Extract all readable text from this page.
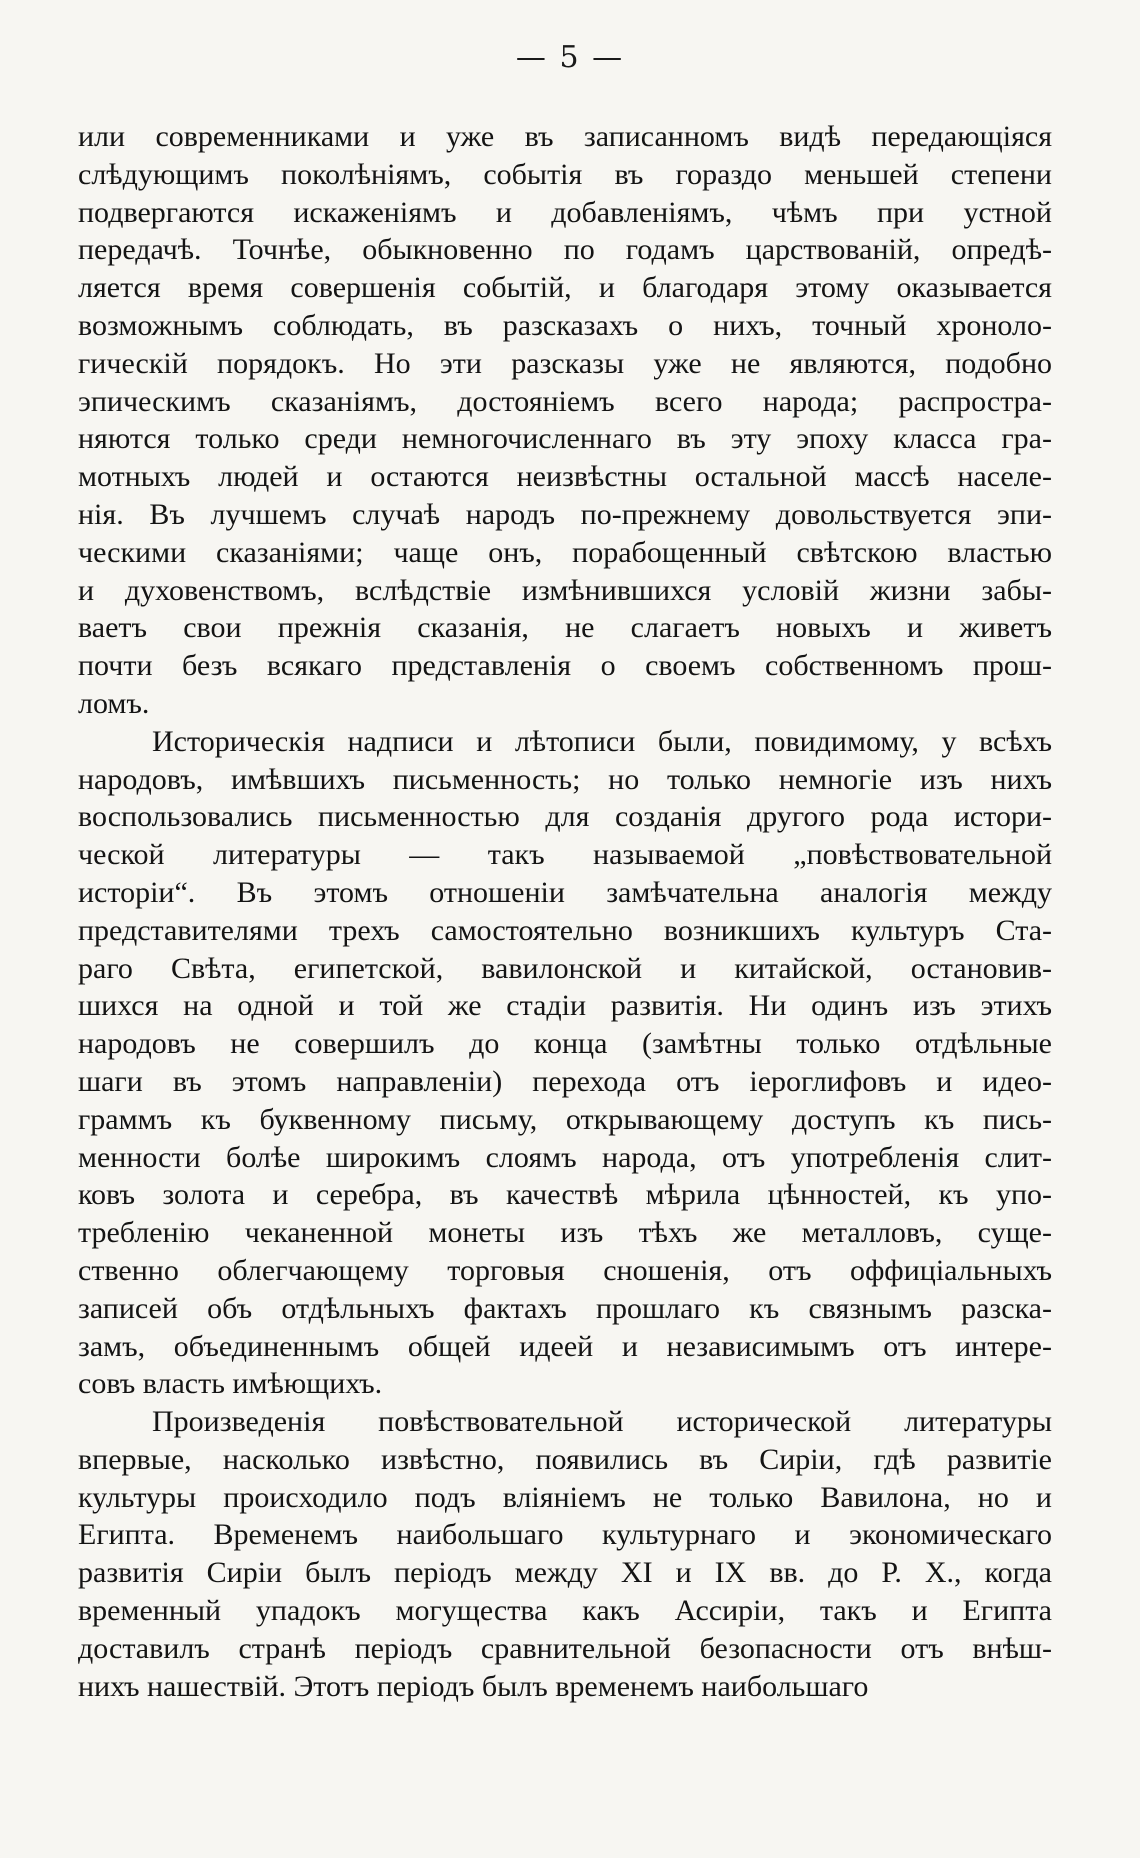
— 5 —
или современниками и уже въ записанномъ видѣ передающіяся
слѣдующимъ поколѣніямъ, событія въ гораздо меньшей степени
подвергаются искаженіямъ и добавленіямъ, чѣмъ при устной
передачѣ. Точнѣе, обыкновенно по годамъ царствованій, опредѣ-
ляется время совершенія событій, и благодаря этому оказывается
возможнымъ соблюдать, въ разсказахъ о нихъ, точный хроноло-
гическій порядокъ. Но эти разсказы уже не являются, подобно
эпическимъ сказаніямъ, достояніемъ всего народа; распростра-
няются только среди немногочисленнаго въ эту эпоху класса гра-
мотныхъ людей и остаются неизвѣстны остальной массѣ населе-
нія. Въ лучшемъ случаѣ народъ по-прежнему довольствуется эпи-
ческими сказаніями; чаще онъ, порабощенный свѣтскою властью
и духовенствомъ, вслѣдствіе измѣнившихся условій жизни забы-
ваетъ свои прежнія сказанія, не слагаетъ новыхъ и живетъ
почти безъ всякаго представленія о своемъ собственномъ прош-
ломъ.
Историческія надписи и лѣтописи были, повидимому, у всѣхъ
народовъ, имѣвшихъ письменность; но только немногіе изъ нихъ
воспользовались письменностью для созданія другого рода истори-
ческой литературы — такъ называемой „повѣствовательной
исторіи“. Въ этомъ отношеніи замѣчательна аналогія между
представителями трехъ самостоятельно возникшихъ культуръ Ста-
раго Свѣта, египетской, вавилонской и китайской, остановив-
шихся на одной и той же стадіи развитія. Ни одинъ изъ этихъ
народовъ не совершилъ до конца (замѣтны только отдѣльные
шаги въ этомъ направленіи) перехода отъ іероглифовъ и идео-
граммъ къ буквенному письму, открывающему доступъ къ пись-
менности болѣе широкимъ слоямъ народа, отъ употребленія слит-
ковъ золота и серебра, въ качествѣ мѣрила цѣнностей, къ упо-
требленію чеканенной монеты изъ тѣхъ же металловъ, суще-
ственно облегчающему торговыя сношенія, отъ оффиціальныхъ
записей объ отдѣльныхъ фактахъ прошлаго къ связнымъ разска-
замъ, объединеннымъ общей идеей и независимымъ отъ интере-
совъ власть имѣющихъ.
Произведенія повѣствовательной исторической литературы
впервые, насколько извѣстно, появились въ Сиріи, гдѣ развитіе
культуры происходило подъ вліяніемъ не только Вавилона, но и
Египта. Временемъ наибольшаго культурнаго и экономическаго
развитія Сиріи былъ періодъ между XI и IX вв. до Р. Х., когда
временный упадокъ могущества какъ Ассиріи, такъ и Египта
доставилъ странѣ періодъ сравнительной безопасности отъ внѣш-
нихъ нашествій. Этотъ періодъ былъ временемъ наибольшаго
